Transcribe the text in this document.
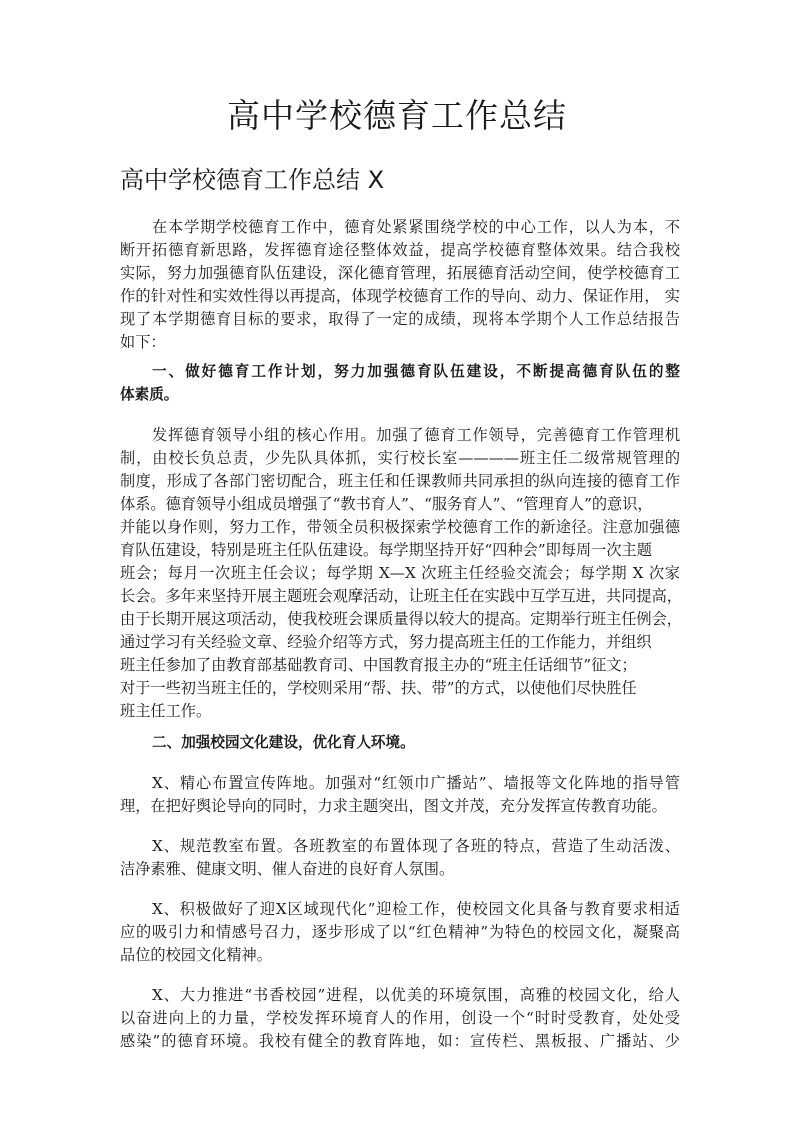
高中学校德育工作总结
高中学校德育工作总结 X
在本学期学校德育工作中，德育处紧紧围绕学校的中心工作，以人为本，不
断开拓德育新思路，发挥德育途径整体效益，提高学校德育整体效果。结合我校
实际，努力加强德育队伍建设，深化德育管理，拓展德育活动空间，使学校德育工
作的针对性和实效性得以再提高，体现学校德育工作的导向、动力、保证作用， 实
现了本学期德育目标的要求，取得了一定的成绩，现将本学期个人工作总结报告
如下：
一、做好德育工作计划，努力加强德育队伍建设，不断提高德育队伍的整
体素质。
发挥德育领导小组的核心作用。加强了德育工作领导，完善德育工作管理机
制，由校长负总责，少先队具体抓，实行校长室————班主任二级常规管理的
制度，形成了各部门密切配合，班主任和任课教师共同承担的纵向连接的德育工作
体系。德育领导小组成员增强了“教书育人”、“服务育人”、“管理育人”的意识，
并能以身作则，努力工作，带领全员积极探索学校德育工作的新途径。注意加强德
育队伍建设，特别是班主任队伍建设。每学期坚持开好“四种会”即每周一次主题
班会；每月一次班主任会议；每学期 X—X 次班主任经验交流会；每学期 X 次家
长会。多年来坚持开展主题班会观摩活动，让班主任在实践中互学互进，共同提高，
由于长期开展这项活动，使我校班会课质量得以较大的提高。定期举行班主任例会，
通过学习有关经验文章、经验介绍等方式，努力提高班主任的工作能力，并组织
班主任参加了由教育部基础教育司、中国教育报主办的“班主任话细节”征文；
对于一些初当班主任的，学校则采用“帮、扶、带”的方式，以使他们尽快胜任
班主任工作。
二、加强校园文化建设，优化育人环境。
X、精心布置宣传阵地。加强对“红领巾广播站”、墙报等文化阵地的指导管
理，在把好舆论导向的同时，力求主题突出，图文并茂，充分发挥宣传教育功能。
X、规范教室布置。各班教室的布置体现了各班的特点，营造了生动活泼、
洁净素雅、健康文明、催人奋进的良好育人氛围。
X、积极做好了迎X区域现代化”迎检工作，使校园文化具备与教育要求相适
应的吸引力和情感号召力，逐步形成了以“红色精神”为特色的校园文化，凝聚高
品位的校园文化精神。
X、大力推进“书香校园”进程，以优美的环境氛围，高雅的校园文化，给人
以奋进向上的力量，学校发挥环境育人的作用，创设一个“时时受教育，处处受
感染”的德育环境。我校有健全的教育阵地，如：宣传栏、黑板报、广播站、少
